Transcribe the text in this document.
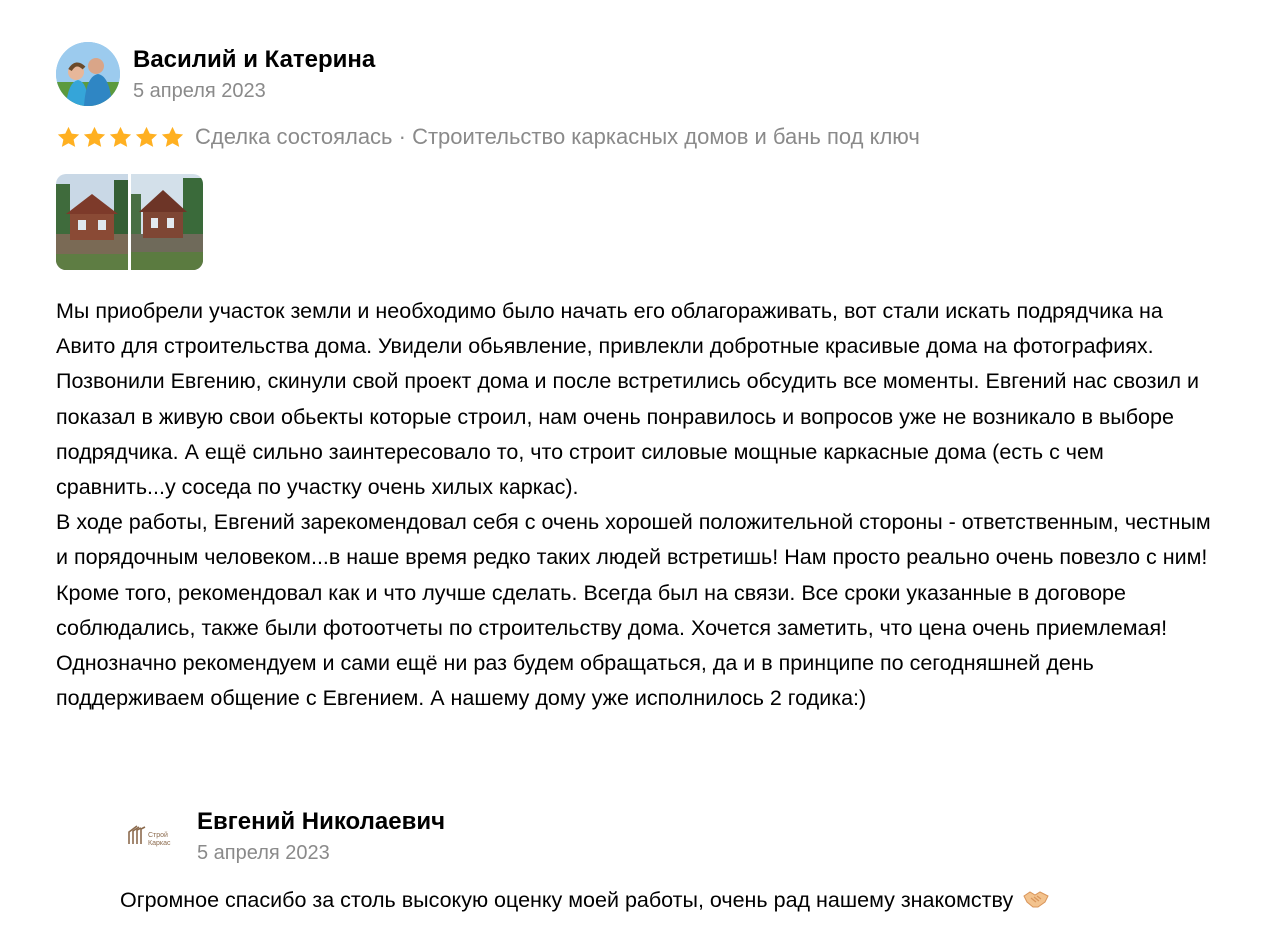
Василий и Катерина
5 апреля 2023
Сделка состоялась · Строительство каркасных домов и бань под ключ

Мы приобрели участок земли и необходимо было начать его облагораживать, вот стали искать подрядчика на Авито для строительства дома. Увидели обьявление, привлекли добротные красивые дома на фотографиях. Позвонили Евгению, скинули свой проект дома и после встретились обсудить все моменты. Евгений нас свозил и показал в живую свои обьекты которые строил, нам очень понравилось и вопросов уже не возникало в выборе подрядчика. А ещё сильно заинтересовало то, что строит силовые мощные каркасные дома (есть с чем сравнить...у соседа по участку очень хилых каркас).

В ходе работы, Евгений зарекомендовал себя с очень хорошей положительной стороны - ответственным, честным и порядочным человеком...в наше время редко таких людей встретишь! Нам просто реально очень повезло с ним! Кроме того, рекомендовал как и что лучше сделать. Всегда был на связи. Все сроки указанные в договоре соблюдались, также были фотоотчеты по строительству дома. Хочется заметить, что цена очень приемлемая! Однозначно рекомендуем и сами ещё ни раз будем обращаться, да и в принципе по сегодняшней день поддерживаем общение с Евгением. А нашему дому уже исполнилось 2 годика:)

Строй
Каркас
Евгений Николаевич
5 апреля 2023
Огромное спасибо за столь высокую оценку моей работы, очень рад нашему знакомству
